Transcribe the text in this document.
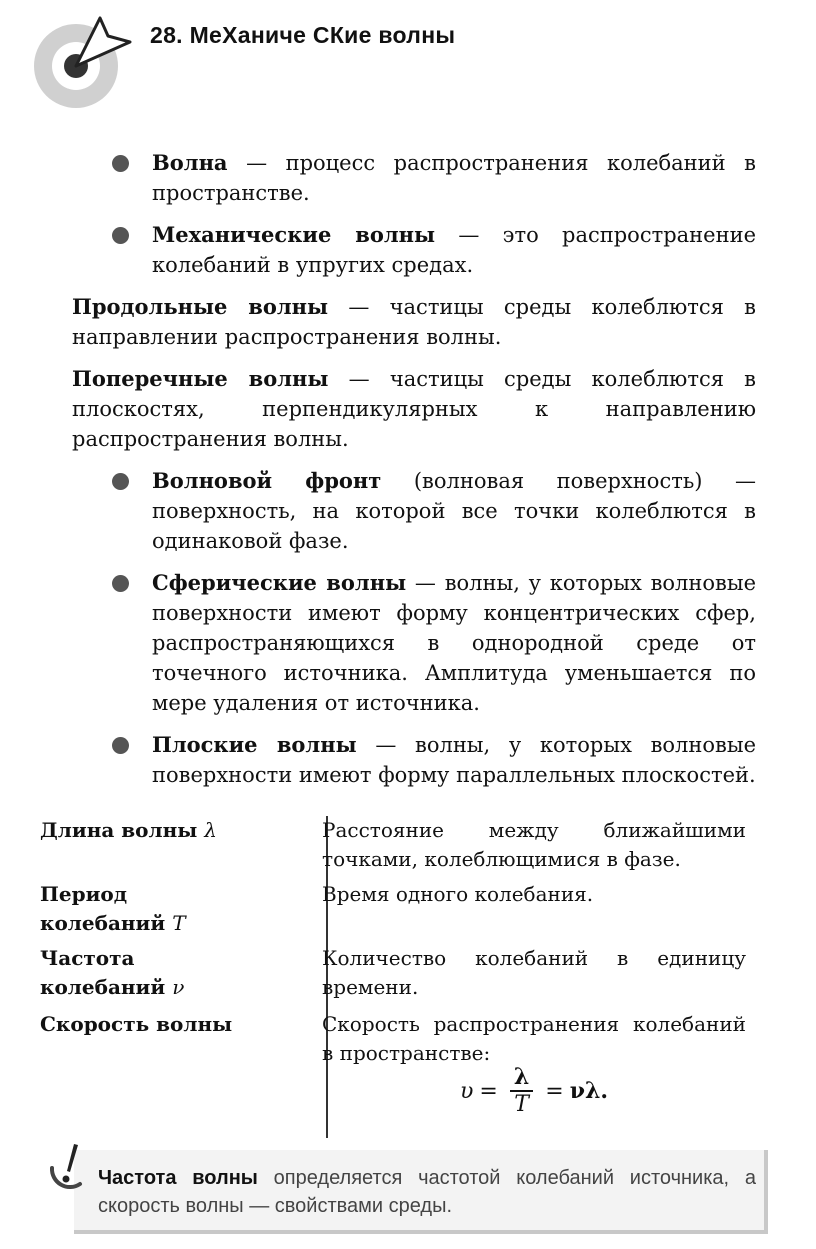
28. МеХаниче СКие волны
Волна — процесс распространения колебаний в пространстве.
Механические волны — это распространение колебаний в упругих средах.
Продольные волны — частицы среды колеблются в направлении распространения волны.
Поперечные волны — частицы среды колеблются в плоскостях, перпендикулярных к направлению распространения волны.
Волновой фронт (волновая поверхность) — поверхность, на которой все точки колеблются в одинаковой фазе.
Сферические волны — волны, у которых волновые поверхности имеют форму концентрических сфер, распространяющихся в однородной среде от точечного источника. Амплитуда уменьшается по мере удаления от источника.
Плоские волны — волны, у которых волновые поверхности имеют форму параллельных плоскостей.
Длина волны λ	Расстояние между ближайшими точками, колеблющимися в фазе.
Период колебаний T
Время одного колебания.
Частота колебаний ν
Количество колебаний в единицу времени.
Скорость волны	Скорость распространения колебаний в пространстве:
$\upsilon = \frac{\lambda}{T} = \nu\lambda$.
Частота волны определяется частотой колебаний источника, а скорость волны — свойствами среды.
